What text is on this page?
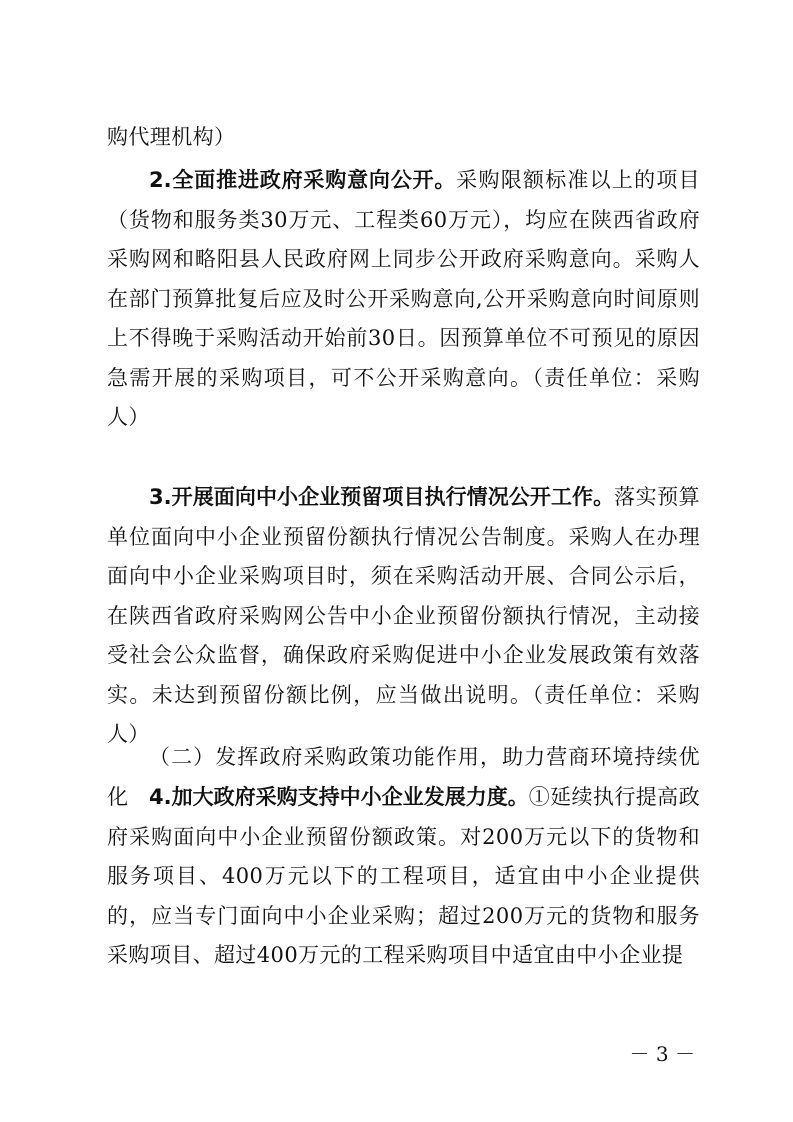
购代理机构）

2.全面推进政府采购意向公开。采购限额标准以上的项目（货物和服务类30万元、工程类60万元），均应在陕西省政府采购网和略阳县人民政府网上同步公开政府采购意向。采购人在部门预算批复后应及时公开采购意向,公开采购意向时间原则上不得晚于采购活动开始前30日。因预算单位不可预见的原因急需开展的采购项目，可不公开采购意向。（责任单位：采购人）

3.开展面向中小企业预留项目执行情况公开工作。落实预算单位面向中小企业预留份额执行情况公告制度。采购人在办理面向中小企业采购项目时，须在采购活动开展、合同公示后，在陕西省政府采购网公告中小企业预留份额执行情况，主动接受社会公众监督，确保政府采购促进中小企业发展政策有效落实。未达到预留份额比例，应当做出说明。（责任单位：采购人）

（二）发挥政府采购政策功能作用，助力营商环境持续优化 4.加大政府采购支持中小企业发展力度。①延续执行提高政府采购面向中小企业预留份额政策。对200万元以下的货物和服务项目、400万元以下的工程项目，适宜由中小企业提供的，应当专门面向中小企业采购；超过200万元的货物和服务采购项目、超过400万元的工程采购项目中适宜由中小企业提

－ 3 －
